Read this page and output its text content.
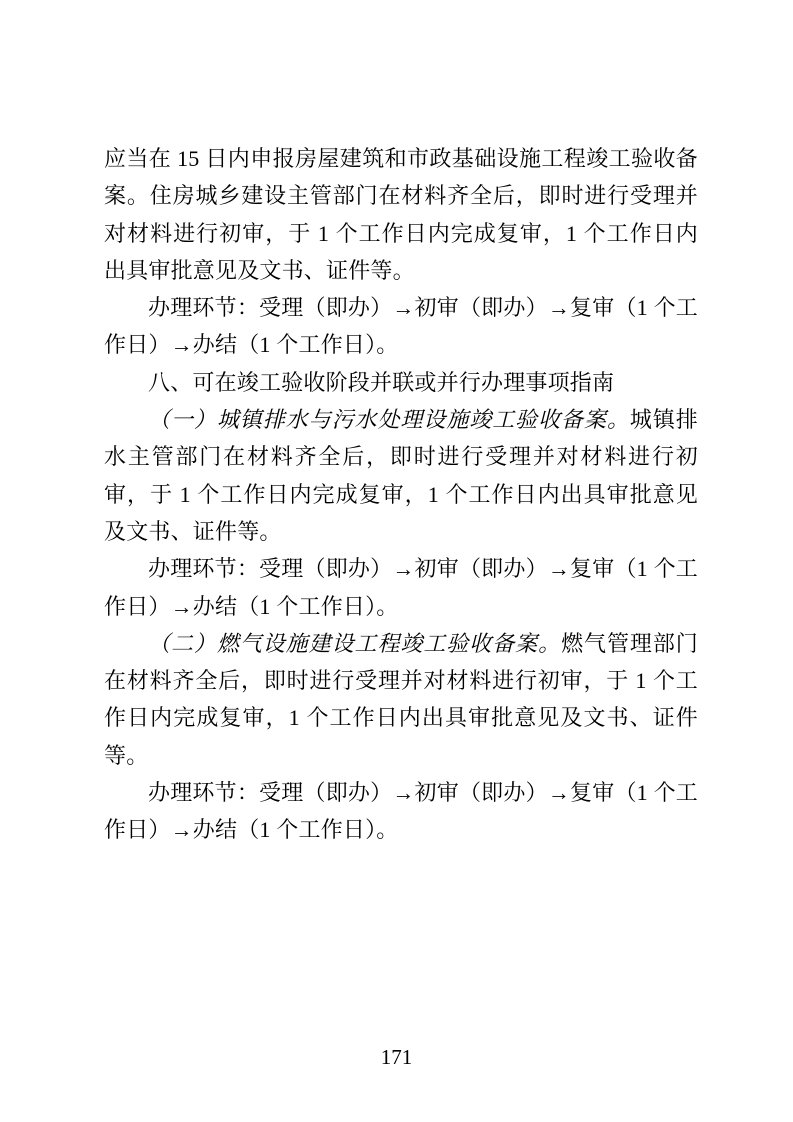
应当在 15 日内申报房屋建筑和市政基础设施工程竣工验收备案。住房城乡建设主管部门在材料齐全后，即时进行受理并对材料进行初审，于 1 个工作日内完成复审，1 个工作日内出具审批意见及文书、证件等。

办理环节：受理（即办）→初审（即办）→复审（1 个工作日）→办结（1 个工作日）。

八、可在竣工验收阶段并联或并行办理事项指南

（一）城镇排水与污水处理设施竣工验收备案。城镇排水主管部门在材料齐全后，即时进行受理并对材料进行初审，于 1 个工作日内完成复审，1 个工作日内出具审批意见及文书、证件等。

办理环节：受理（即办）→初审（即办）→复审（1 个工作日）→办结（1 个工作日）。

（二）燃气设施建设工程竣工验收备案。燃气管理部门在材料齐全后，即时进行受理并对材料进行初审，于 1 个工作日内完成复审，1 个工作日内出具审批意见及文书、证件等。

办理环节：受理（即办）→初审（即办）→复审（1 个工作日）→办结（1 个工作日）。

171
